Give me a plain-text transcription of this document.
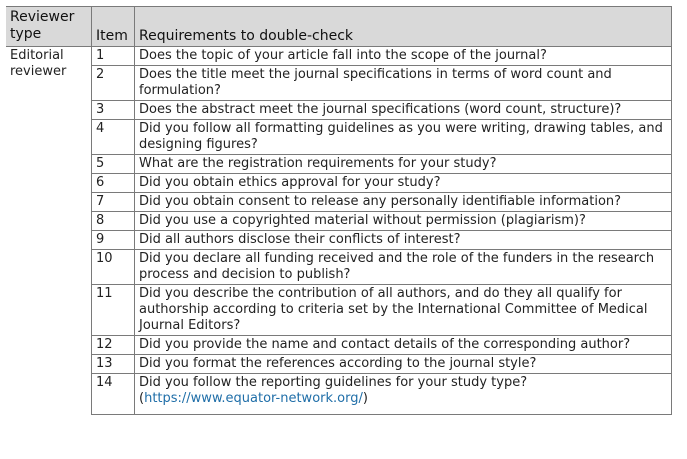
Reviewer type	Item	Requirements to double-check
Editorial reviewer	1	Does the topic of your article fall into the scope of the journal?
	2	Does the title meet the journal specifications in terms of word count and formulation?
	3	Does the abstract meet the journal specifications (word count, structure)?
	4	Did you follow all formatting guidelines as you were writing, drawing tables, and designing figures?
	5	What are the registration requirements for your study?
	6	Did you obtain ethics approval for your study?
	7	Did you obtain consent to release any personally identifiable information?
	8	Did you use a copyrighted material without permission (plagiarism)?
	9	Did all authors disclose their conflicts of interest?
	10	Did you declare all funding received and the role of the funders in the research process and decision to publish?
	11	Did you describe the contribution of all authors, and do they all qualify for authorship according to criteria set by the International Committee of Medical Journal Editors?
	12	Did you provide the name and contact details of the corresponding author?
	13	Did you format the references according to the journal style?
	14	Did you follow the reporting guidelines for your study type? (https://www.equator-network.org/)
